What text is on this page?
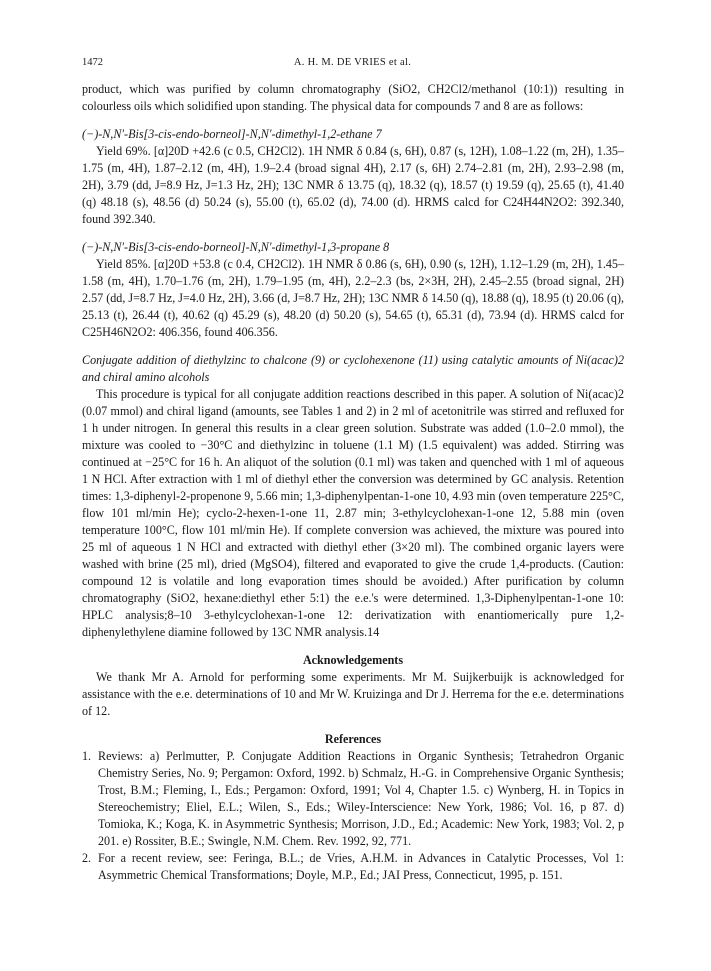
1472	A. H. M. DE VRIES et al.

product, which was purified by column chromatography (SiO2, CH2Cl2/methanol (10:1)) resulting in colourless oils which solidified upon standing. The physical data for compounds 7 and 8 are as follows:

(−)-N,N′-Bis[3-cis-endo-borneol]-N,N′-dimethyl-1,2-ethane 7

Yield 69%. [α]20D +42.6 (c 0.5, CH2Cl2). 1H NMR δ 0.84 (s, 6H), 0.87 (s, 12H), 1.08–1.22 (m, 2H), 1.35–1.75 (m, 4H), 1.87–2.12 (m, 4H), 1.9–2.4 (broad signal 4H), 2.17 (s, 6H) 2.74–2.81 (m, 2H), 2.93–2.98 (m, 2H), 3.79 (dd, J=8.9 Hz, J=1.3 Hz, 2H); 13C NMR δ 13.75 (q), 18.32 (q), 18.57 (t) 19.59 (q), 25.65 (t), 41.40 (q) 48.18 (s), 48.56 (d) 50.24 (s), 55.00 (t), 65.02 (d), 74.00 (d). HRMS calcd for C24H44N2O2: 392.340, found 392.340.

(−)-N,N′-Bis[3-cis-endo-borneol]-N,N′-dimethyl-1,3-propane 8

Yield 85%. [α]20D +53.8 (c 0.4, CH2Cl2). 1H NMR δ 0.86 (s, 6H), 0.90 (s, 12H), 1.12–1.29 (m, 2H), 1.45–1.58 (m, 4H), 1.70–1.76 (m, 2H), 1.79–1.95 (m, 4H), 2.2–2.3 (bs, 2×3H, 2H), 2.45–2.55 (broad signal, 2H) 2.57 (dd, J=8.7 Hz, J=4.0 Hz, 2H), 3.66 (d, J=8.7 Hz, 2H); 13C NMR δ 14.50 (q), 18.88 (q), 18.95 (t) 20.06 (q), 25.13 (t), 26.44 (t), 40.62 (q) 45.29 (s), 48.20 (d) 50.20 (s), 54.65 (t), 65.31 (d), 73.94 (d). HRMS calcd for C25H46N2O2: 406.356, found 406.356.

Conjugate addition of diethylzinc to chalcone (9) or cyclohexenone (11) using catalytic amounts of Ni(acac)2 and chiral amino alcohols

This procedure is typical for all conjugate addition reactions described in this paper. A solution of Ni(acac)2 (0.07 mmol) and chiral ligand (amounts, see Tables 1 and 2) in 2 ml of acetonitrile was stirred and refluxed for 1 h under nitrogen. In general this results in a clear green solution. Substrate was added (1.0–2.0 mmol), the mixture was cooled to −30°C and diethylzinc in toluene (1.1 M) (1.5 equivalent) was added. Stirring was continued at −25°C for 16 h. An aliquot of the solution (0.1 ml) was taken and quenched with 1 ml of aqueous 1 N HCl. After extraction with 1 ml of diethyl ether the conversion was determined by GC analysis. Retention times: 1,3-diphenyl-2-propenone 9, 5.66 min; 1,3-diphenylpentan-1-one 10, 4.93 min (oven temperature 225°C, flow 101 ml/min He); cyclo-2-hexen-1-one 11, 2.87 min; 3-ethylcyclohexan-1-one 12, 5.88 min (oven temperature 100°C, flow 101 ml/min He). If complete conversion was achieved, the mixture was poured into 25 ml of aqueous 1 N HCl and extracted with diethyl ether (3×20 ml). The combined organic layers were washed with brine (25 ml), dried (MgSO4), filtered and evaporated to give the crude 1,4-products. (Caution: compound 12 is volatile and long evaporation times should be avoided.) After purification by column chromatography (SiO2, hexane:diethyl ether 5:1) the e.e.'s were determined. 1,3-Diphenylpentan-1-one 10: HPLC analysis;8–10 3-ethylcyclohexan-1-one 12: derivatization with enantiomerically pure 1,2-diphenylethylene diamine followed by 13C NMR analysis.14

Acknowledgements

We thank Mr A. Arnold for performing some experiments. Mr M. Suijkerbuijk is acknowledged for assistance with the e.e. determinations of 10 and Mr W. Kruizinga and Dr J. Herrema for the e.e. determinations of 12.

References

1. Reviews: a) Perlmutter, P. Conjugate Addition Reactions in Organic Synthesis; Tetrahedron Organic Chemistry Series, No. 9; Pergamon: Oxford, 1992. b) Schmalz, H.-G. in Comprehensive Organic Synthesis; Trost, B.M.; Fleming, I., Eds.; Pergamon: Oxford, 1991; Vol 4, Chapter 1.5. c) Wynberg, H. in Topics in Stereochemistry; Eliel, E.L.; Wilen, S., Eds.; Wiley-Interscience: New York, 1986; Vol. 16, p 87. d) Tomioka, K.; Koga, K. in Asymmetric Synthesis; Morrison, J.D., Ed.; Academic: New York, 1983; Vol. 2, p 201. e) Rossiter, B.E.; Swingle, N.M. Chem. Rev. 1992, 92, 771.
2. For a recent review, see: Feringa, B.L.; de Vries, A.H.M. in Advances in Catalytic Processes, Vol 1: Asymmetric Chemical Transformations; Doyle, M.P., Ed.; JAI Press, Connecticut, 1995, p. 151.
